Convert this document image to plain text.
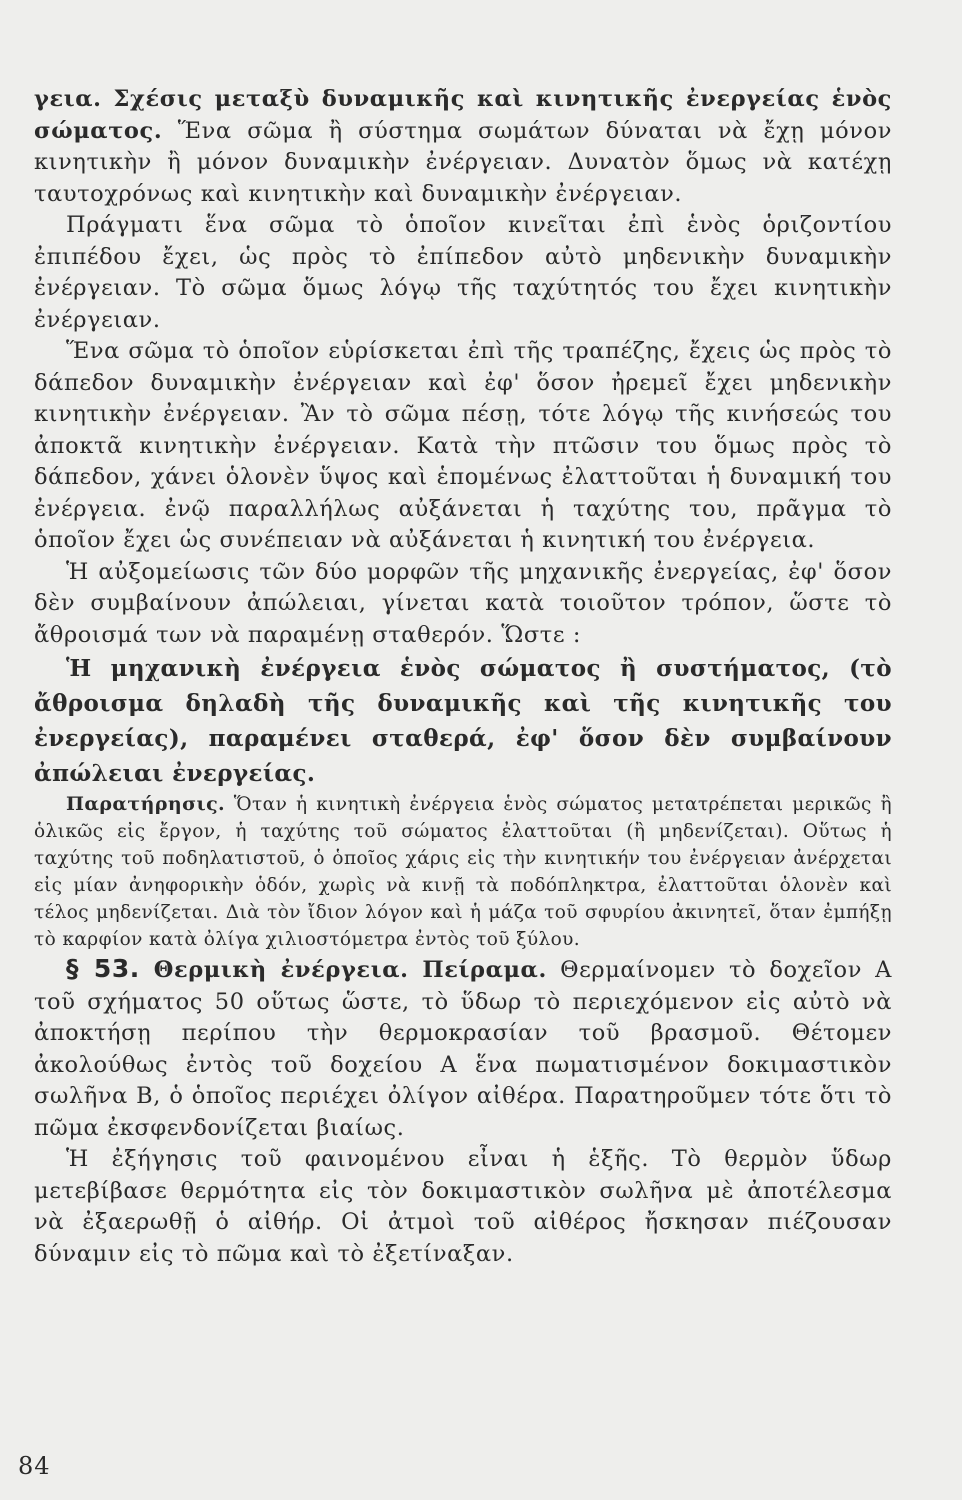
γεια. Σχέσις μεταξὺ δυναμικῆς καὶ κινητικῆς ἐνεργείας ἑνὸς σώματος. Ἕνα σῶμα ἢ σύστημα σωμάτων δύναται νὰ ἔχῃ μόνον κινητικὴν ἢ μόνον δυναμικὴν ἐνέργειαν. Δυνατὸν ὅμως νὰ κατέχῃ ταυτοχρόνως καὶ κινητικὴν καὶ δυναμικὴν ἐνέργειαν.

Πράγματι ἕνα σῶμα τὸ ὁποῖον κινεῖται ἐπὶ ἑνὸς ὁριζοντίου ἐπιπέδου ἔχει, ὡς πρὸς τὸ ἐπίπεδον αὐτὸ μηδενικὴν δυναμικὴν ἐνέργειαν. Τὸ σῶμα ὅμως λόγῳ τῆς ταχύτητός του ἔχει κινητικὴν ἐνέργειαν.

Ἕνα σῶμα τὸ ὁποῖον εὑρίσκεται ἐπὶ τῆς τραπέζης, ἔχεις ὡς πρὸς τὸ δάπεδον δυναμικὴν ἐνέργειαν καὶ ἐφ' ὅσον ἠρεμεῖ ἔχει μηδενικὴν κινητικὴν ἐνέργειαν. Ἂν τὸ σῶμα πέσῃ, τότε λόγῳ τῆς κινήσεώς του ἀποκτᾶ κινητικὴν ἐνέργειαν. Κατὰ τὴν πτῶσιν του ὅμως πρὸς τὸ δάπεδον, χάνει ὁλονὲν ὕψος καὶ ἑπομένως ἐλαττοῦται ἡ δυναμική του ἐνέργεια. ἐνῷ παραλλήλως αὐξάνεται ἡ ταχύτης του, πρᾶγμα τὸ ὁποῖον ἔχει ὡς συνέπειαν νὰ αὐξάνεται ἡ κινητική του ἐνέργεια.

Ἡ αὐξομείωσις τῶν δύο μορφῶν τῆς μηχανικῆς ἐνεργείας, ἐφ' ὅσον δὲν συμβαίνουν ἀπώλειαι, γίνεται κατὰ τοιοῦτον τρόπον, ὥστε τὸ ἄθροισμά των νὰ παραμένῃ σταθερόν. Ὥστε :

Ἡ μηχανικὴ ἐνέργεια ἑνὸς σώματος ἢ συστήματος, (τὸ ἄθροισμα δηλαδὴ τῆς δυναμικῆς καὶ τῆς κινητικῆς του ἐνεργείας), παραμένει σταθερά, ἐφ' ὅσον δὲν συμβαίνουν ἀπώλειαι ἐνεργείας.

Παρατήρησις. Ὅταν ἡ κινητικὴ ἐνέργεια ἑνὸς σώματος μετατρέπεται μερικῶς ἢ ὁλικῶς εἰς ἔργον, ἡ ταχύτης τοῦ σώματος ἐλαττοῦται (ἢ μηδενίζεται). Οὕτως ἡ ταχύτης τοῦ ποδηλατιστοῦ, ὁ ὁποῖος χάρις εἰς τὴν κινητικήν του ἐνέργειαν ἀνέρχεται εἰς μίαν ἀνηφορικὴν ὁδόν, χωρὶς νὰ κινῇ τὰ ποδόπληκτρα, ἐλαττοῦται ὁλονὲν καὶ τέλος μηδενίζεται. Διὰ τὸν ἴδιον λόγον καὶ ἡ μάζα τοῦ σφυρίου ἀκινητεῖ, ὅταν ἐμπήξῃ τὸ καρφίον κατὰ ὀλίγα χιλιοστόμετρα ἐντὸς τοῦ ξύλου.

§ 53. Θερμικὴ ἐνέργεια. Πείραμα. Θερμαίνομεν τὸ δοχεῖον Α τοῦ σχήματος 50 οὕτως ὥστε, τὸ ὕδωρ τὸ περιεχόμενον εἰς αὐτὸ νὰ ἀποκτήσῃ περίπου τὴν θερμοκρασίαν τοῦ βρασμοῦ. Θέτομεν ἀκολούθως ἐντὸς τοῦ δοχείου Α ἕνα πωματισμένον δοκιμαστικὸν σωλῆνα Β, ὁ ὁποῖος περιέχει ὀλίγον αἰθέρα. Παρατηροῦμεν τότε ὅτι τὸ πῶμα ἐκσφενδονίζεται βιαίως.

Ἡ ἐξήγησις τοῦ φαινομένου εἶναι ἡ ἑξῆς. Τὸ θερμὸν ὕδωρ μετεβίβασε θερμότητα εἰς τὸν δοκιμαστικὸν σωλῆνα μὲ ἀποτέλεσμα νὰ ἐξαερωθῇ ὁ αἰθήρ. Οἱ ἀτμοὶ τοῦ αἰθέρος ἤσκησαν πιέζουσαν δύναμιν εἰς τὸ πῶμα καὶ τὸ ἐξετίναξαν.

84
